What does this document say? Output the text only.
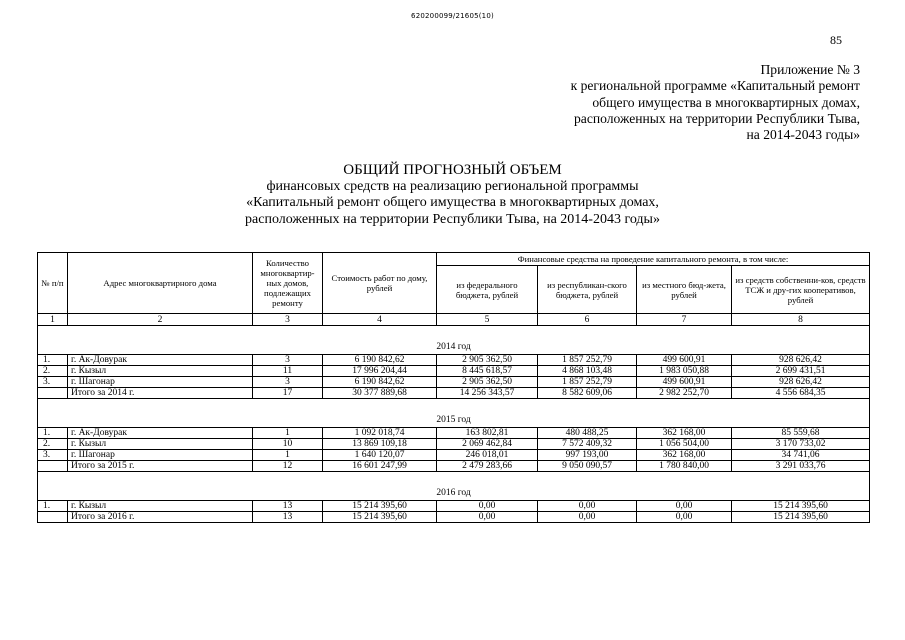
620200099/21605(10)
85
Приложение № 3
к региональной программе «Капитальный ремонт
общего имущества в многоквартирных домах,
расположенных на территории Республики Тыва,
на 2014-2043 годы»
ОБЩИЙ ПРОГНОЗНЫЙ ОБЪЕМ
финансовых средств на реализацию региональной программы
«Капитальный ремонт общего имущества в многоквартирных домах,
расположенных на территории Республики Тыва, на 2014-2043 годы»
№ п/п	Адрес многоквартирного дома	Количество многоквартир-ных домов, подлежащих ремонту	Стоимость работ по дому, рублей	Финансовые средства на проведение капитального ремонта, в том числе:			
				из федерального бюджета, рублей	из республикан-ского бюджета, рублей	из местного бюд-жета, рублей	из средств собственни-ков, средств ТСЖ и дру-гих кооперативов, рублей
1	2	3	4	5	6	7	8
2014 год							
1.	г. Ак-Довурак	3	6 190 842,62	2 905 362,50	1 857 252,79	499 600,91	928 626,42
2.	г. Кызыл	11	17 996 204,44	8 445 618,57	4 868 103,48	1 983 050,88	2 699 431,51
3.	г. Шагонар	3	6 190 842,62	2 905 362,50	1 857 252,79	499 600,91	928 626,42
	Итого за 2014 г.	17	30 377 889,68	14 256 343,57	8 582 609,06	2 982 252,70	4 556 684,35
2015 год							
1.	г. Ак-Довурак	1	1 092 018,74	163 802,81	480 488,25	362 168,00	85 559,68
2.	г. Кызыл	10	13 869 109,18	2 069 462,84	7 572 409,32	1 056 504,00	3 170 733,02
3.	г. Шагонар	1	1 640 120,07	246 018,01	997 193,00	362 168,00	34 741,06
	Итого за 2015 г.	12	16 601 247,99	2 479 283,66	9 050 090,57	1 780 840,00	3 291 033,76
2016 год							
1.	г. Кызыл	13	15 214 395,60	0,00	0,00	0,00	15 214 395,60
	Итого за 2016 г.	13	15 214 395,60	0,00	0,00	0,00	15 214 395,60
